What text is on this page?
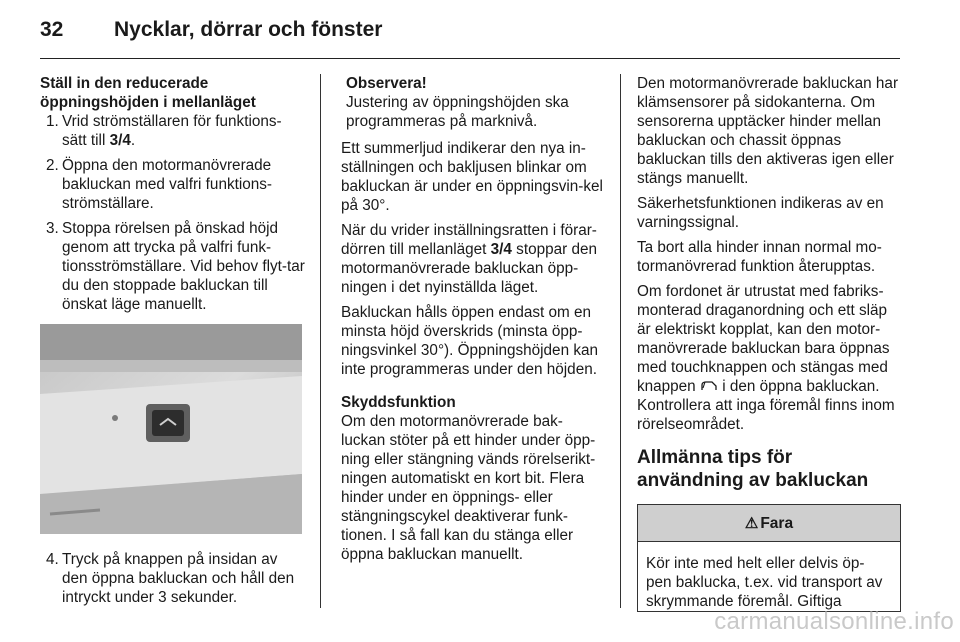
32 Nycklar, dörrar och fönster
Ställ in den reducerade
öppningshöjden i mellanläget
1. Vrid strömställaren för funktions-sätt till 3/4.
2. Öppna den motormanövrerade bakluckan med valfri funktions-strömställare.
3. Stoppa rörelsen på önskad höjd genom att trycka på valfri funk-tionsströmställare. Vid behov flyt-tar du den stoppade bakluckan till önskat läge manuellt.
4. Tryck på knappen på insidan av den öppna bakluckan och håll den intryckt under 3 sekunder.
Observera!
Justering av öppningshöjden ska programmeras på marknivå.

Ett summerljud indikerar den nya in-ställningen och bakljusen blinkar om bakluckan är under en öppningsvin-kel på 30°.

När du vrider inställningsratten i förar-dörren till mellanläget 3/4 stoppar den motormanövrerade bakluckan öpp-ningen i det nyinställda läget.

Bakluckan hålls öppen endast om en minsta höjd överskrids (minsta öpp-ningsvinkel 30°). Öppningshöjden kan inte programmeras under den höjden.

Skyddsfunktion

Om den motormanövrerade bak-luckan stöter på ett hinder under öpp-ning eller stängning vänds rörelserikt-ningen automatiskt en kort bit. Flera hinder under en öppnings- eller stängningscykel deaktiverar funk-tionen. I så fall kan du stänga eller öppna bakluckan manuellt.

Den motormanövrerade bakluckan har klämsensorer på sidokanterna. Om sensorerna upptäcker hinder mellan bakluckan och chassit öppnas bakluckan tills den aktiveras igen eller stängs manuellt.

Säkerhetsfunktionen indikeras av en varningssignal.

Ta bort alla hinder innan normal mo-tormanövrerad funktion återupptas.

Om fordonet är utrustat med fabriks-monterad draganordning och ett släp är elektriskt kopplat, kan den motor-manövrerade bakluckan bara öppnas med touchknappen och stängas med knappen  i den öppna bakluckan. Kontrollera att inga föremål finns inom rörelseområdet.

Allmänna tips för användning av bakluckan
⚠ Fara
Kör inte med helt eller delvis öp-pen baklucka, t.ex. vid transport av skrymmande föremål. Giftiga
carmanualsonline.info
